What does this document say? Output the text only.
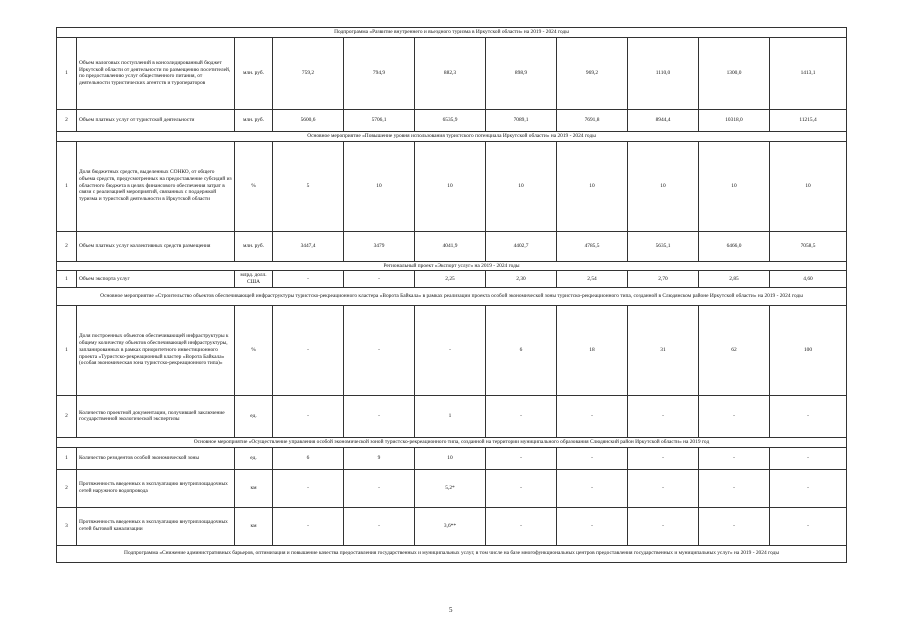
Подпрограмма «Развитие внутреннего и въездного туризма в Иркутской области» на 2019 - 2024 годы										
1	Объем налоговых поступлений в консолидированный бюджет Иркутской области от деятельности по размещению посетителей, по предоставлению услуг общественного питания, от деятельности туристических агентств и туроператоров	млн. руб.	759,2	794,9	882,3	898,9	969,2	1110,0	1300,0	1413,1
2	Объем платных услуг от туристской деятельности	млн. руб.	5600,6	5706,1	6535,9	7089,1	7691,8	8944,4	10318,0	11215,4
Основное мероприятие «Повышение уровня использования туристского потенциала Иркутской области» на 2019 - 2024 годы										
1	Доля бюджетных средств, выделенных СОНКО, от общего объема средств, предусмотренных на предоставление субсидий из областного бюджета в целях финансового обеспечения затрат в связи с реализацией мероприятий, связанных с поддержкой туризма и туристской деятельности в Иркутской области	%	5	10	10	10	10	10	10	10
2	Объем платных услуг коллективных средств размещения	млн. руб.	3447,4	3479	4041,9	4402,7	4785,5	5635,1	6466,0	7058,5
Региональный проект «Экспорт услуг» на 2019 - 2024 годы										
1	Объем экспорта услуг	млрд. долл. США	-	-	2,25	2,30	2,54	2,70	2,85	4,60
Основное мероприятие «Строительство объектов обеспечивающей инфраструктуры туристско-рекреационного кластера «Ворота Байкала» в рамках реализации проекта особой экономической зоны туристско-рекреационного типа, созданной в Слюдянском районе Иркутской области» на 2019 - 2024 годы										
1	Доля построенных объектов обеспечивающей инфраструктуры к общему количеству объектов обеспечивающей инфраструктуры, запланированных в рамках приоритетного инвестиционного проекта «Туристско-рекреационный кластер «Ворота Байкала» (особая экономическая зона туристско-рекреационного типа)»	%	-	-	-	6	18	31	62	100
2	Количество проектной документации, получившей заключение государственной экологической экспертизы	ед.	-	-	1	-	-	-	-	-
Основное мероприятие «Осуществление управления особой экономической зоной туристско-рекреационного типа, созданной на территории муниципального образования Слюдянский район Иркутской области» на 2019 год										
1	Количество резидентов особой экономической зоны	ед.	6	9	10	-	-	-	-	-
2	Протяженность введенных в эксплуатацию внутриплощадочных сетей наружного водопровода	км	-	-	5,2*	-	-	-	-	-
3	Протяженность введенных в эксплуатацию внутриплощадочных сетей бытовой канализации	км	-	-	3,6**	-	-	-	-	-
Подпрограмма «Снижение административных барьеров, оптимизация и повышение качества предоставления государственных и муниципальных услуг, в том числе на базе многофункциональных центров предоставления государственных и муниципальных услуг» на 2019 - 2024 годы										
5
